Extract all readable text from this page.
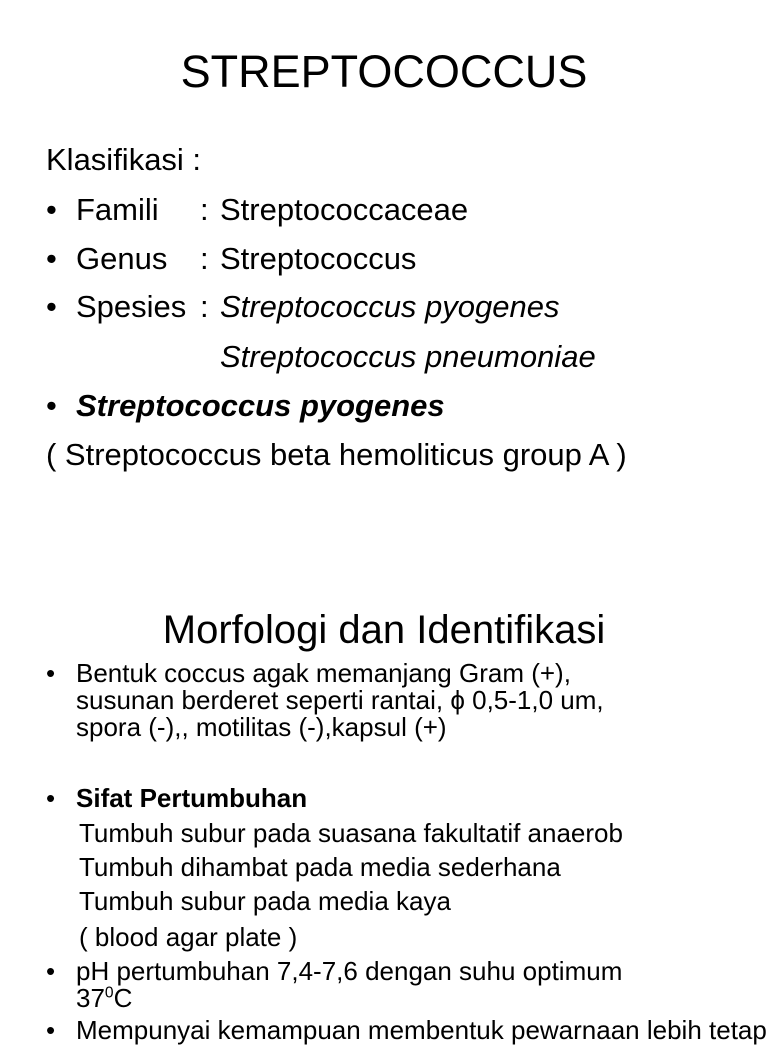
STREPTOCOCCUS
Klasifikasi :
• Famili : Streptococcaceae
• Genus : Streptococcus
• Spesies : Streptococcus pyogenes
Streptococcus pneumoniae
• Streptococcus pyogenes
( Streptococcus beta hemoliticus group A )
Morfologi dan Identifikasi
• Bentuk coccus agak memanjang Gram (+),
susunan berderet seperti rantai, ϕ 0,5-1,0 um,
spora (-),, motilitas (-),kapsul (+)
• Sifat Pertumbuhan
Tumbuh subur pada suasana fakultatif anaerob
Tumbuh dihambat pada media sederhana
Tumbuh subur pada media kaya
( blood agar plate )
• pH pertumbuhan 7,4-7,6 dengan suhu optimum
$37^0C$
• Mempunyai kemampuan membentuk pewarnaan lebih tetap
